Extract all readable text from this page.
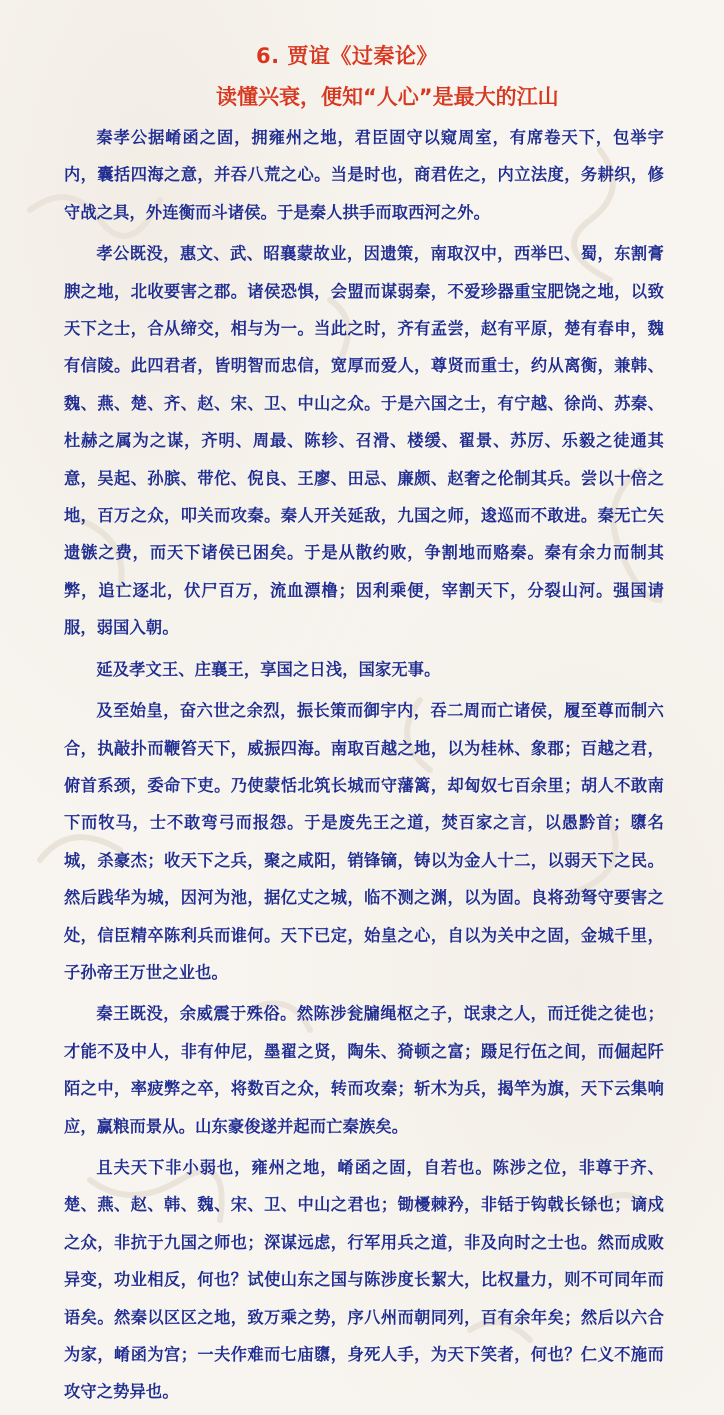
6. 贾谊《过秦论》
读懂兴衰，便知“人心”是最大的江山

秦孝公据崤函之固，拥雍州之地，君臣固守以窥周室，有席卷天下，包举宇内，囊括四海之意，并吞八荒之心。当是时也，商君佐之，内立法度，务耕织，修守战之具，外连衡而斗诸侯。于是秦人拱手而取西河之外。

孝公既没，惠文、武、昭襄蒙故业，因遗策，南取汉中，西举巴、蜀，东割膏腴之地，北收要害之郡。诸侯恐惧，会盟而谋弱秦，不爱珍器重宝肥饶之地，以致天下之士，合从缔交，相与为一。当此之时，齐有孟尝，赵有平原，楚有春申，魏有信陵。此四君者，皆明智而忠信，宽厚而爱人，尊贤而重士，约从离衡，兼韩、魏、燕、楚、齐、赵、宋、卫、中山之众。于是六国之士，有宁越、徐尚、苏秦、杜赫之属为之谋，齐明、周最、陈轸、召滑、楼缓、翟景、苏厉、乐毅之徒通其意，吴起、孙膑、带佗、倪良、王廖、田忌、廉颇、赵奢之伦制其兵。尝以十倍之地，百万之众，叩关而攻秦。秦人开关延敌，九国之师，逡巡而不敢进。秦无亡矢遗镞之费，而天下诸侯已困矣。于是从散约败，争割地而赂秦。秦有余力而制其弊，追亡逐北，伏尸百万，流血漂橹；因利乘便，宰割天下，分裂山河。强国请服，弱国入朝。

延及孝文王、庄襄王，享国之日浅，国家无事。

及至始皇，奋六世之余烈，振长策而御宇内，吞二周而亡诸侯，履至尊而制六合，执敲扑而鞭笞天下，威振四海。南取百越之地，以为桂林、象郡；百越之君，俯首系颈，委命下吏。乃使蒙恬北筑长城而守藩篱，却匈奴七百余里；胡人不敢南下而牧马，士不敢弯弓而报怨。于是废先王之道，焚百家之言，以愚黔首；隳名城，杀豪杰；收天下之兵，聚之咸阳，销锋镝，铸以为金人十二，以弱天下之民。然后践华为城，因河为池，据亿丈之城，临不测之渊，以为固。良将劲弩守要害之处，信臣精卒陈利兵而谁何。天下已定，始皇之心，自以为关中之固，金城千里，子孙帝王万世之业也。

秦王既没，余威震于殊俗。然陈涉瓮牖绳枢之子，氓隶之人，而迁徙之徒也；才能不及中人，非有仲尼，墨翟之贤，陶朱、猗顿之富；蹑足行伍之间，而倔起阡陌之中，率疲弊之卒，将数百之众，转而攻秦；斩木为兵，揭竿为旗，天下云集响应，赢粮而景从。山东豪俊遂并起而亡秦族矣。

且夫天下非小弱也，雍州之地，崤函之固，自若也。陈涉之位，非尊于齐、楚、燕、赵、韩、魏、宋、卫、中山之君也；锄櫌棘矜，非铦于钩戟长铩也；谪戍之众，非抗于九国之师也；深谋远虑，行军用兵之道，非及向时之士也。然而成败异变，功业相反，何也？试使山东之国与陈涉度长絜大，比权量力，则不可同年而语矣。然秦以区区之地，致万乘之势，序八州而朝同列，百有余年矣；然后以六合为家，崤函为宫；一夫作难而七庙隳，身死人手，为天下笑者，何也？仁义不施而攻守之势异也。
